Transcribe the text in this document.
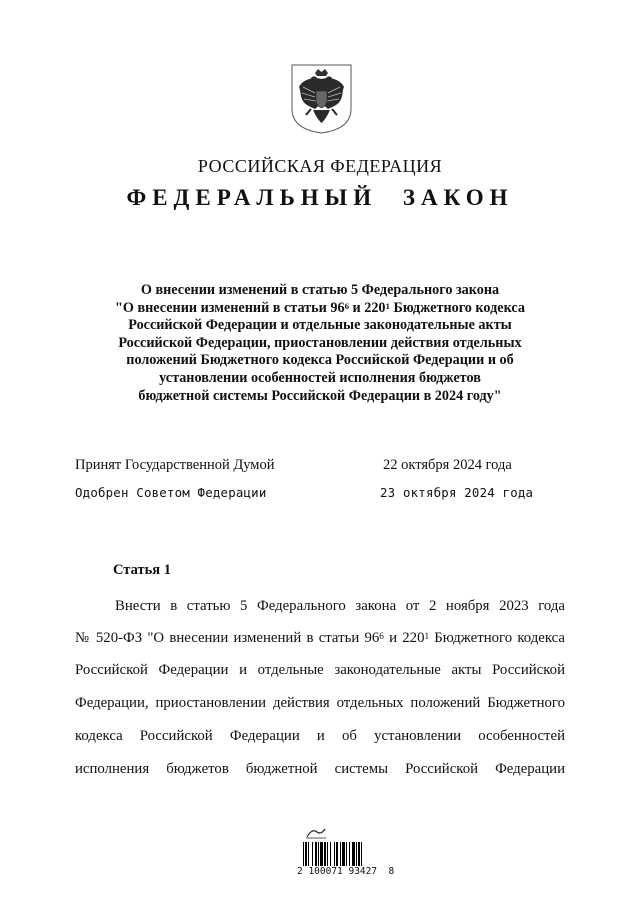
РОССИЙСКАЯ ФЕДЕРАЦИЯ
ФЕДЕРАЛЬНЫЙ ЗАКОН

О внесении изменений в статью 5 Федерального закона

"О внесении изменений в статьи $96^6$ и $220^1$ Бюджетного кодекса

Российской Федерации и отдельные законодательные акты

Российской Федерации, приостановлении действия отдельных

положений Бюджетного кодекса Российской Федерации и об

установлении особенностей исполнения бюджетов

бюджетной системы Российской Федерации в 2024 году"

Принят Государственной Думой	22 октября 2024 года
Одобрен Советом Федерации	23 октября 2024 года
Статья 1
Внести в статью 5 Федерального закона от 2 ноября 2023 года
№ 520-ФЗ "О внесении изменений в статьи $96^6$ и $220^1$ Бюджетного кодекса
Российской Федерации и отдельные законодательные акты Российской
Федерации, приостановлении действия отдельных положений Бюджетного
кодекса Российской Федерации и об установлении особенностей
исполнения бюджетов бюджетной системы Российской Федерации
2 100071 93427  8
